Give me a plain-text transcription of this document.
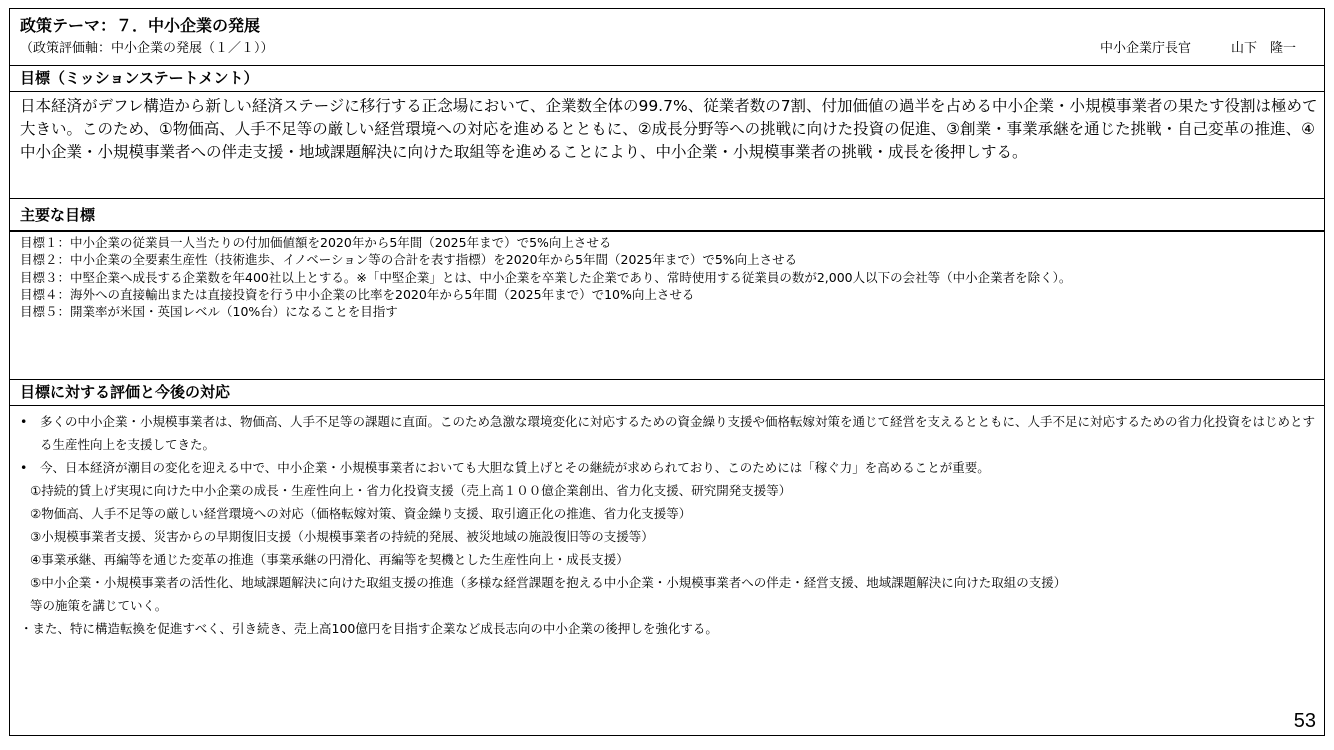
政策テーマ：７．中小企業の発展
（政策評価軸：中小企業の発展（１／１））	中小企業庁長官	山下　隆一
目標（ミッションステートメント）

日本経済がデフレ構造から新しい経済ステージに移行する正念場において、企業数全体の99.7%、従業者数の7割、付加価値の過半を占める中小企業・小規模事業者の果たす役割は極めて大きい。このため、①物価高、人手不足等の厳しい経営環境への対応を進めるとともに、②成長分野等への挑戦に向けた投資の促進、③創業・事業承継を通じた挑戦・自己変革の推進、④中小企業・小規模事業者への伴走支援・地域課題解決に向けた取組等を進めることにより、中小企業・小規模事業者の挑戦・成長を後押しする。

主要な目標
目標１：中小企業の従業員一人当たりの付加価値額を2020年から5年間（2025年まで）で5%向上させる
目標２：中小企業の全要素生産性（技術進歩、イノベーション等の合計を表す指標）を2020年から5年間（2025年まで）で5%向上させる
目標３：中堅企業へ成長する企業数を年400社以上とする。※「中堅企業」とは、中小企業を卒業した企業であり、常時使用する従業員の数が2,000人以下の会社等（中小企業者を除く）。
目標４：海外への直接輸出または直接投資を行う中小企業の比率を2020年から5年間（2025年まで）で10%向上させる
目標５：開業率が米国・英国レベル（10%台）になることを目指す
目標に対する評価と今後の対応
•	多くの中小企業・小規模事業者は、物価高、人手不足等の課題に直面。このため急激な環境変化に対応するための資金繰り支援や価格転嫁対策を通じて経営を支えるとともに、人手不足に対応するための省力化投資をはじめとする生産性向上を支援してきた。
•	今、日本経済が潮目の変化を迎える中で、中小企業・小規模事業者においても大胆な賃上げとその継続が求められており、このためには「稼ぐ力」を高めることが重要。
①持続的賃上げ実現に向けた中小企業の成長・生産性向上・省力化投資支援（売上高１００億企業創出、省力化支援、研究開発支援等）
②物価高、人手不足等の厳しい経営環境への対応（価格転嫁対策、資金繰り支援、取引適正化の推進、省力化支援等）
③小規模事業者支援、災害からの早期復旧支援（小規模事業者の持続的発展、被災地域の施設復旧等の支援等）
④事業承継、再編等を通じた変革の推進（事業承継の円滑化、再編等を契機とした生産性向上・成長支援）
⑤中小企業・小規模事業者の活性化、地域課題解決に向けた取組支援の推進（多様な経営課題を抱える中小企業・小規模事業者への伴走・経営支援、地域課題解決に向けた取組の支援）
等の施策を講じていく。
・また、特に構造転換を促進すべく、引き続き、売上高100億円を目指す企業など成長志向の中小企業の後押しを強化する。
53
